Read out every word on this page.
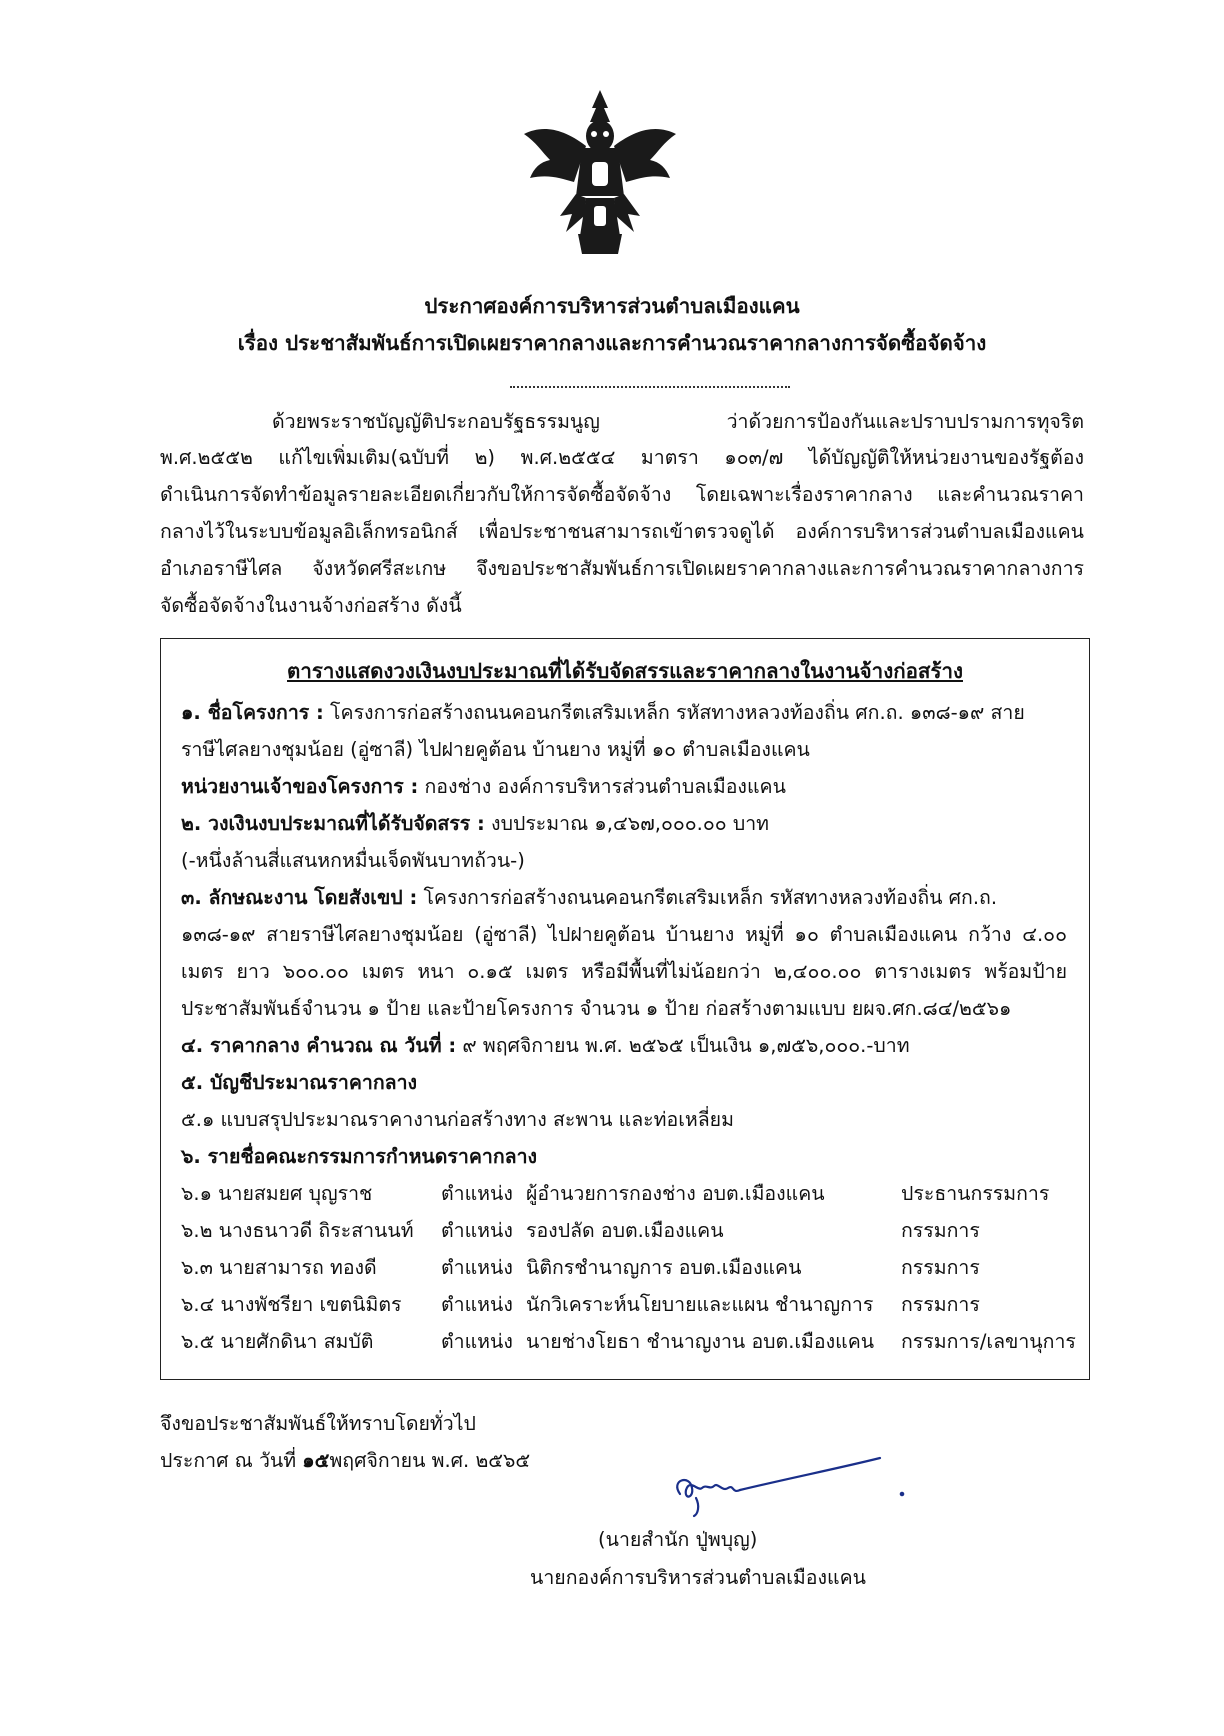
ประกาศองค์การบริหารส่วนตำบลเมืองแคน
เรื่อง ประชาสัมพันธ์การเปิดเผยราคากลางและการคำนวณราคากลางการจัดซื้อจัดจ้าง
ด้วยพระราชบัญญัติประกอบรัฐธรรมนูญ ว่าด้วยการป้องกันและปราบปรามการทุจริต
พ.ศ.๒๕๕๒ แก้ไขเพิ่มเติม(ฉบับที่ ๒) พ.ศ.๒๕๕๔ มาตรา ๑๐๓/๗ ได้บัญญัติให้หน่วยงานของรัฐต้อง
ดำเนินการจัดทำข้อมูลรายละเอียดเกี่ยวกับให้การจัดซื้อจัดจ้าง โดยเฉพาะเรื่องราคากลาง และคำนวณราคา
กลางไว้ในระบบข้อมูลอิเล็กทรอนิกส์ เพื่อประชาชนสามารถเข้าตรวจดูได้ องค์การบริหารส่วนตำบลเมืองแคน
อำเภอราษีไศล จังหวัดศรีสะเกษ จึงขอประชาสัมพันธ์การเปิดเผยราคากลางและการคำนวณราคากลางการ
จัดซื้อจัดจ้างในงานจ้างก่อสร้าง ดังนี้
ตารางแสดงวงเงินงบประมาณที่ได้รับจัดสรรและราคากลางในงานจ้างก่อสร้าง
๑. ชื่อโครงการ : โครงการก่อสร้างถนนคอนกรีตเสริมเหล็ก รหัสทางหลวงท้องถิ่น ศก.ถ. ๑๓๘-๑๙ สาย
ราษีไศลยางชุมน้อย (อู่ซาลี) ไปฝายคูต้อน บ้านยาง หมู่ที่ ๑๐ ตำบลเมืองแคน
หน่วยงานเจ้าของโครงการ : กองช่าง องค์การบริหารส่วนตำบลเมืองแคน
๒. วงเงินงบประมาณที่ได้รับจัดสรร : งบประมาณ ๑,๔๖๗,๐๐๐.๐๐ บาท
(-หนึ่งล้านสี่แสนหกหมื่นเจ็ดพันบาทถ้วน-)
๓. ลักษณะงาน โดยสังเขป : โครงการก่อสร้างถนนคอนกรีตเสริมเหล็ก รหัสทางหลวงท้องถิ่น ศก.ถ.
๑๓๘-๑๙ สายราษีไศลยางชุมน้อย (อู่ซาลี) ไปฝายคูต้อน บ้านยาง หมู่ที่ ๑๐ ตำบลเมืองแคน กว้าง ๔.๐๐
เมตร ยาว ๖๐๐.๐๐ เมตร หนา ๐.๑๕ เมตร หรือมีพื้นที่ไม่น้อยกว่า ๒,๔๐๐.๐๐ ตารางเมตร พร้อมป้าย
ประชาสัมพันธ์จำนวน ๑ ป้าย และป้ายโครงการ จำนวน ๑ ป้าย ก่อสร้างตามแบบ ยผจ.ศก.๘๔/๒๕๖๑
๔. ราคากลาง คำนวณ ณ วันที่ : ๙ พฤศจิกายน พ.ศ. ๒๕๖๕ เป็นเงิน ๑,๗๕๖,๐๐๐.-บาท
๕. บัญชีประมาณราคากลาง
๕.๑ แบบสรุปประมาณราคางานก่อสร้างทาง สะพาน และท่อเหลี่ยม
๖. รายชื่อคณะกรรมการกำหนดราคากลาง
๖.๑ นายสมยศ บุญราช	ตำแหน่ง ผู้อำนวยการกองช่าง อบต.เมืองแคน	ประธานกรรมการ
๖.๒ นางธนาวดี ถิระสานนท์ ตำแหน่ง รองปลัด อบต.เมืองแคน	กรรมการ
๖.๓ นายสามารถ ทองดี	ตำแหน่ง นิติกรชำนาญการ อบต.เมืองแคน	กรรมการ
๖.๔ นางพัชรียา เขตนิมิตร ตำแหน่ง นักวิเคราะห์นโยบายและแผน ชำนาญการ กรรมการ
๖.๕ นายศักดินา สมบัติ	ตำแหน่ง นายช่างโยธา ชำนาญงาน อบต.เมืองแคน กรรมการ/เลขานุการ
จึงขอประชาสัมพันธ์ให้ทราบโดยทั่วไป
ประกาศ ณ วันที่ ๑๕พฤศจิกายน พ.ศ. ๒๕๖๕
(นายสำนัก ปู่พบุญ)
นายกองค์การบริหารส่วนตำบลเมืองแคน
